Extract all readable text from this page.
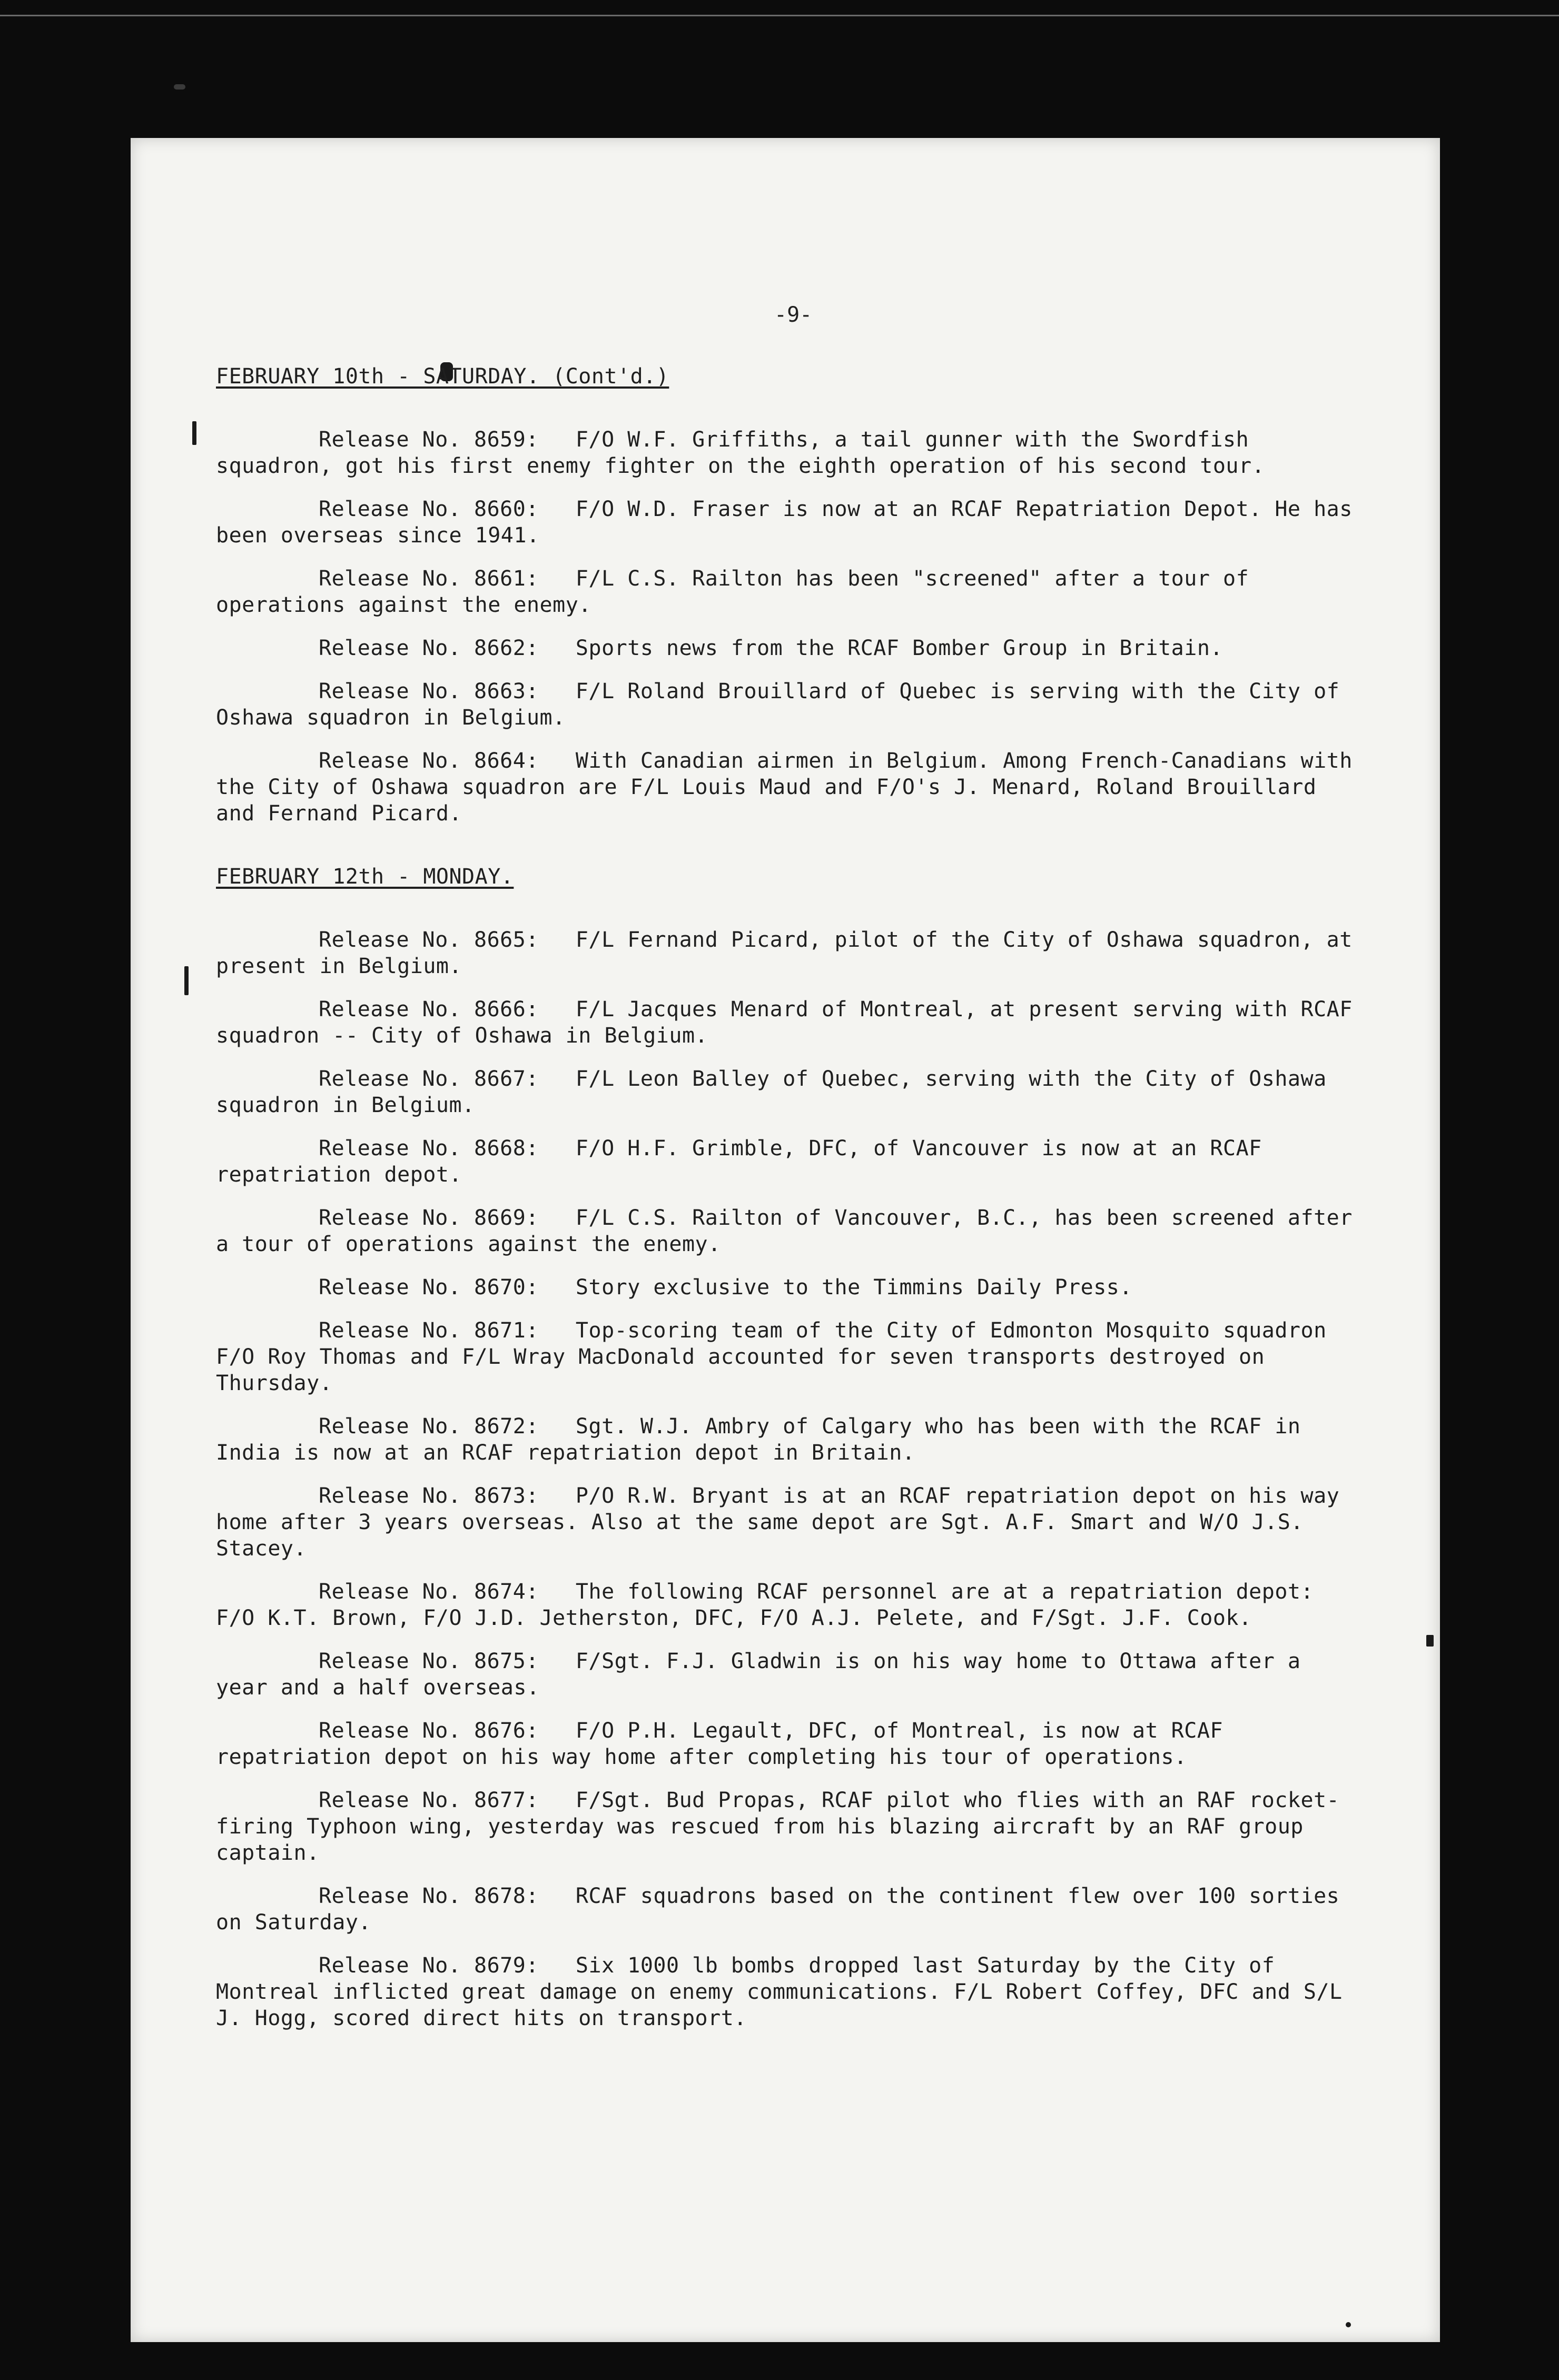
-9-
FEBRUARY 10th - SATURDAY. (Cont'd.)
Release No. 8659: F/O W.F. Griffiths, a tail gunner with the Swordfish squadron, got his first enemy fighter on the eighth operation of his second tour.
Release No. 8660: F/O W.D. Fraser is now at an RCAF Repatriation Depot. He has been overseas since 1941.
Release No. 8661: F/L C.S. Railton has been "screened" after a tour of operations against the enemy.
Release No. 8662: Sports news from the RCAF Bomber Group in Britain.
Release No. 8663: F/L Roland Brouillard of Quebec is serving with the City of Oshawa squadron in Belgium.
Release No. 8664: With Canadian airmen in Belgium. Among French-Canadians with the City of Oshawa squadron are F/L Louis Maud and F/O's J. Menard, Roland Brouillard and Fernand Picard.
FEBRUARY 12th - MONDAY.
Release No. 8665: F/L Fernand Picard, pilot of the City of Oshawa squadron, at present in Belgium.
Release No. 8666: F/L Jacques Menard of Montreal, at present serving with RCAF squadron -- City of Oshawa in Belgium.
Release No. 8667: F/L Leon Balley of Quebec, serving with the City of Oshawa squadron in Belgium.
Release No. 8668: F/O H.F. Grimble, DFC, of Vancouver is now at an RCAF repatriation depot.
Release No. 8669: F/L C.S. Railton of Vancouver, B.C., has been screened after a tour of operations against the enemy.
Release No. 8670: Story exclusive to the Timmins Daily Press.
Release No. 8671: Top-scoring team of the City of Edmonton Mosquito squadron F/O Roy Thomas and F/L Wray MacDonald accounted for seven transports destroyed on Thursday.
Release No. 8672: Sgt. W.J. Ambry of Calgary who has been with the RCAF in India is now at an RCAF repatriation depot in Britain.
Release No. 8673: P/O R.W. Bryant is at an RCAF repatriation depot on his way home after 3 years overseas. Also at the same depot are Sgt. A.F. Smart and W/O J.S. Stacey.
Release No. 8674: The following RCAF personnel are at a repatriation depot: F/O K.T. Brown, F/O J.D. Jetherston, DFC, F/O A.J. Pelete, and F/Sgt. J.F. Cook.
Release No. 8675: F/Sgt. F.J. Gladwin is on his way home to Ottawa after a year and a half overseas.
Release No. 8676: F/O P.H. Legault, DFC, of Montreal, is now at RCAF repatriation depot on his way home after completing his tour of operations.
Release No. 8677: F/Sgt. Bud Propas, RCAF pilot who flies with an RAF rocket-firing Typhoon wing, yesterday was rescued from his blazing aircraft by an RAF group captain.
Release No. 8678: RCAF squadrons based on the continent flew over 100 sorties on Saturday.
Release No. 8679: Six 1000 lb bombs dropped last Saturday by the City of Montreal inflicted great damage on enemy communications. F/L Robert Coffey, DFC and S/L J. Hogg, scored direct hits on transport.
